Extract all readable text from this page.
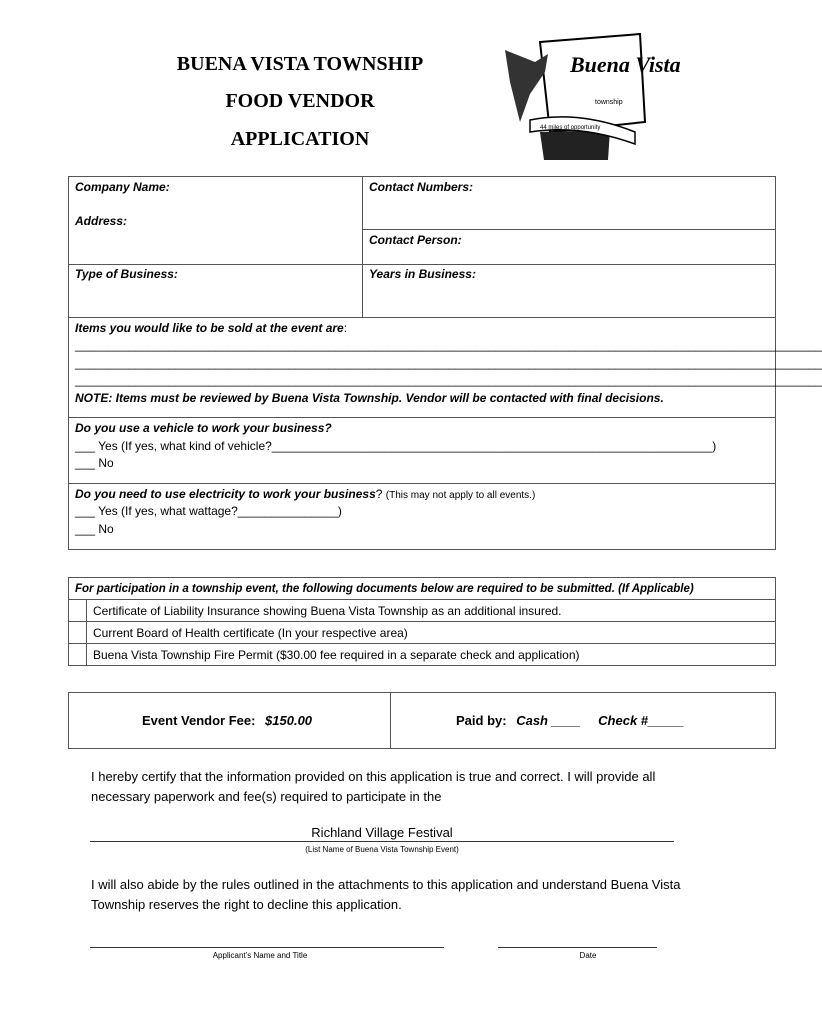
BUENA VISTA TOWNSHIP
FOOD VENDOR
APPLICATION
Buena Vista
township
44 miles of opportunity
Company Name:
Address:
Contact Numbers:
Contact Person:
Type of Business:	Years in Business:
Items you would like to be sold at the event are:
________________________________________________________________________________________________________________
________________________________________________________________________________________________________________
________________________________________________________________________________________________________________
NOTE: Items must be reviewed by Buena Vista Township. Vendor will be contacted with final decisions.
Do you use a vehicle to work your business?
___ Yes (If yes, what kind of vehicle?__________________________________________________________________)
___ No
Do you need to use electricity to work your business? (This may not apply to all events.)
___ Yes (If yes, what wattage?_______________)
___ No
For participation in a township event, the following documents below are required to be submitted. (If Applicable)	
	Certificate of Liability Insurance showing Buena Vista Township as an additional insured.
	Current Board of Health certificate (In your respective area)
	Buena Vista Township Fire Permit ($30.00 fee required in a separate check and application)
Event Vendor Fee: $150.00	Paid by: Cash ____ Check #_____
I hereby certify that the information provided on this application is true and correct. I will provide all necessary paperwork and fee(s) required to participate in the
Richland Village Festival
(List Name of Buena Vista Township Event)
I will also abide by the rules outlined in the attachments to this application and understand Buena Vista Township reserves the right to decline this application.
Applicant’s Name and Title	Date
